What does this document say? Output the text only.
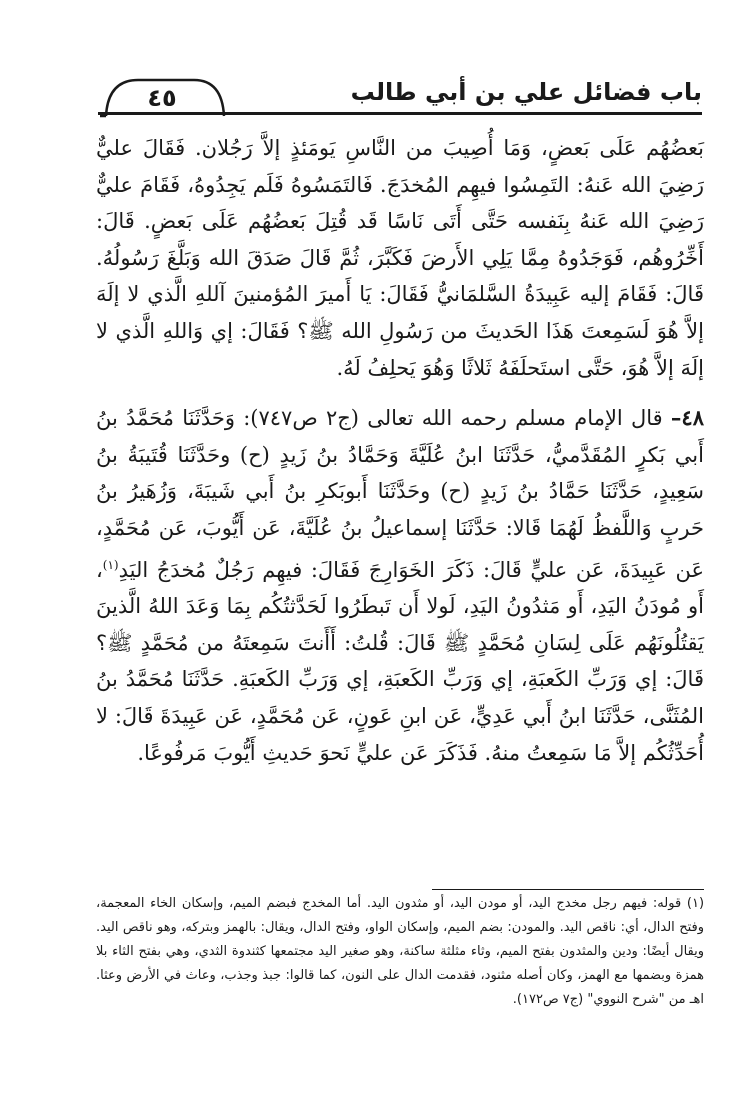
٤٥	باب فضائل علي بن أبي طالب

بَعضُهُم عَلَى بَعضٍ، وَمَا أُصِيبَ من النَّاسِ يَومَئذٍ إلاَّ رَجُلان. فَقَالَ عليٌّ رَضِيَ الله عَنهُ: التَمِسُوا فيهِم المُخدَجَ. فَالتَمَسُوهُ فَلَم يَجِدُوهُ، فَقَامَ عليٌّ رَضِيَ الله عَنهُ بِنَفسه حَتَّى أَتَى نَاسًا قَد قُتِلَ بَعضُهُم عَلَى بَعضٍ. قَالَ: أَخِّرُوهُم، فَوَجَدُوهُ مِمَّا يَلِي الأَرضَ فَكَبَّرَ، ثُمَّ قَالَ صَدَقَ الله وَبَلَّغَ رَسُولُهُ. قَالَ: فَقَامَ إليه عَبِيدَةُ السَّلمَانيُّ فَقَالَ: يَا أَميرَ المُؤمنينَ آللهِ الَّذي لا إلَهَ إلاَّ هُوَ لَسَمِعتَ هَذَا الحَديثَ من رَسُولِ الله ﷺ؟ فَقَالَ: إي وَاللهِ الَّذي لا إلَهَ إلاَّ هُوَ، حَتَّى استَحلَفَهُ ثَلاثًا وَهُوَ يَحلِفُ لَهُ.

٤٨– قال الإمام مسلم رحمه الله تعالى (ج٢ ص٧٤٧): وَحَدَّثَنَا مُحَمَّدُ بنُ أَبي بَكرٍ المُقَدَّميُّ، حَدَّثَنَا ابنُ عُلَيَّةَ وَحَمَّادُ بنُ زَيدٍ (ح) وحَدَّثَنَا قُتَيبَةُ بنُ سَعِيدٍ، حَدَّثَنَا حَمَّادُ بنُ زَيدٍ (ح) وحَدَّثَنَا أَبوبَكرِ بنُ أَبي شَيبَةَ، وَزُهَيرُ بنُ حَربٍ وَاللَّفظُ لَهُمَا قَالا: حَدَّثَنَا إسماعيلُ بنُ عُلَيَّةَ، عَن أَيُّوبَ، عَن مُحَمَّدٍ، عَن عَبِيدَةَ، عَن عليٍّ قَالَ: ذَكَرَ الخَوَارِجَ فَقَالَ: فيهِم رَجُلٌ مُخدَجُ اليَدِ$^{(١)}$، أَو مُودَنُ اليَدِ، أَو مَثدُونُ اليَدِ، لَولا أَن تَبطَرُوا لَحَدَّثتُكُم بِمَا وَعَدَ اللهُ الَّذينَ يَقتُلُونَهُم عَلَى لِسَانِ مُحَمَّدٍ ﷺ قَالَ: قُلتُ: أَأَنتَ سَمِعتَهُ من مُحَمَّدٍ ﷺ؟ قَالَ: إي وَرَبِّ الكَعبَةِ، إي وَرَبِّ الكَعبَةِ، إي وَرَبِّ الكَعبَةِ. حَدَّثَنَا مُحَمَّدُ بنُ المُثَنَّى، حَدَّثَنَا ابنُ أَبي عَدِيٍّ، عَن ابنِ عَونٍ، عَن مُحَمَّدٍ، عَن عَبِيدَةَ قَالَ: لا أُحَدِّثُكُم إلاَّ مَا سَمِعتُ منهُ. فَذَكَرَ عَن عليٍّ نَحوَ حَديثِ أَيُّوبَ مَرفُوعًا.

(١) قوله: فيهم رجل مخدج اليد، أو مودن اليد، أو مثدون اليد. أما المخدج فبضم الميم، وإسكان الخاء المعجمة، وفتح الدال، أي: ناقص اليد. والمودن: بضم الميم، وإسكان الواو، وفتح الدال، ويقال: بالهمز وبتركه، وهو ناقص اليد. ويقال أيضًا: ودين والمثدون بفتح الميم، وثاء مثلثة ساكنة، وهو صغير اليد مجتمعها كثندوة الثدي، وهي بفتح الثاء بلا همزة وبضمها مع الهمز، وكان أصله مثنود، فقدمت الدال على النون، كما قالوا: جبذ وجذب، وعاث في الأرض وعثا. اهـ من "شرح النووي" (ج٧ ص١٧٢).
